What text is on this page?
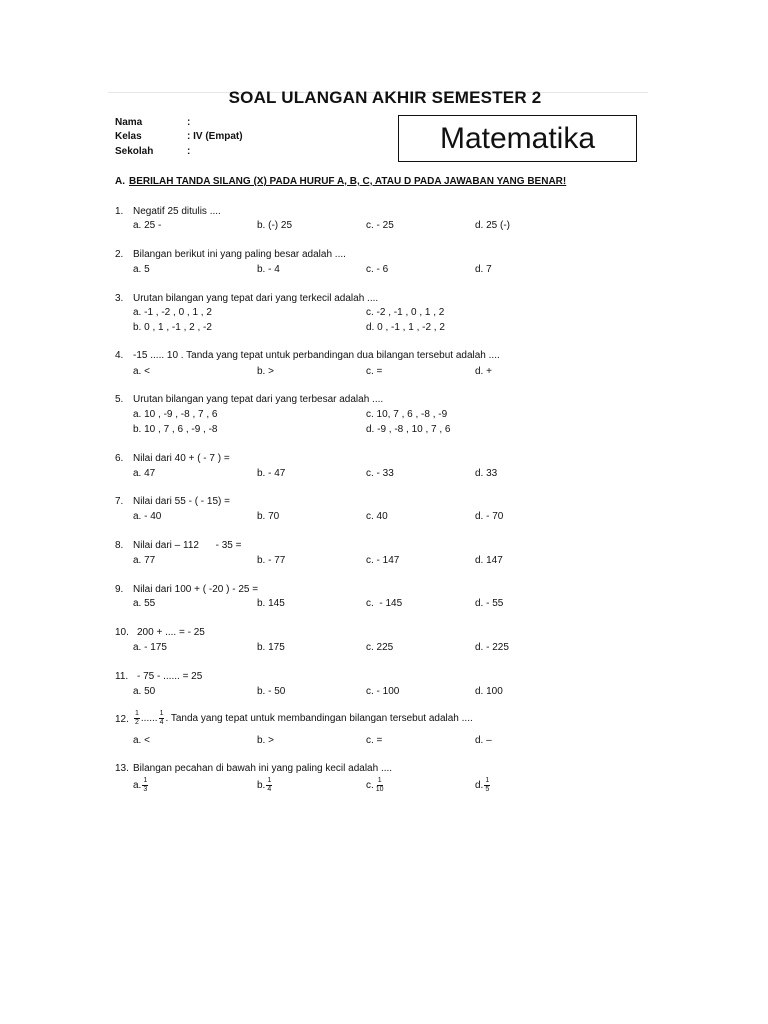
SOAL ULANGAN AKHIR SEMESTER 2
Nama	:
Kelas	: IV (Empat)
Sekolah	:	Matematika
A. BERILAH TANDA SILANG (X) PADA HURUF A, B, C, ATAU D PADA JAWABAN YANG BENAR!
1. Negatif 25 ditulis ....
a. 25 -	b. (-) 25	c. - 25	d. 25 (-)
2. Bilangan berikut ini yang paling besar adalah ....
a. 5	b. - 4	c. - 6	d. 7
3. Urutan bilangan yang tepat dari yang terkecil adalah ....
a. -1 , -2 , 0 , 1 , 2	c. -2 , -1 , 0 , 1 , 2
b. 0 , 1 , -1 , 2 , -2	d. 0 , -1 , 1 , -2 , 2
4. -15 ..... 10 . Tanda yang tepat untuk perbandingan dua bilangan tersebut adalah ....
a. <	b. >	c. =	d. +
5. Urutan bilangan yang tepat dari yang terbesar adalah ....
a. 10 , -9 , -8 , 7 , 6	c. 10, 7 , 6 , -8 , -9
b. 10 , 7 , 6 , -9 , -8	d. -9 , -8 , 10 , 7 , 6
6. Nilai dari 40 + ( - 7 ) =
a. 47	b. - 47	c. - 33	d. 33
7. Nilai dari 55 - ( - 15) =
a. - 40	b. 70	c. 40	d. - 70
8. Nilai dari – 112      - 35 =
a. 77	b. - 77	c. - 147	d. 147
9. Nilai dari 100 + ( -20 ) - 25 =
a. 55	b. 145	c.  - 145	d. - 55
10. 200 + .... = - 25
a. - 175	b. 175	c. 225	d. - 225
11. - 75 - ...... = 25
a. 50	b. - 50	c. - 100	d. 100
12. $\frac{1}{2}$ ...... $\frac{1}{4}$ . Tanda yang tepat untuk membandingan bilangan tersebut adalah ....
a. <	b. >	c. =	d. –
13. Bilangan pecahan di bawah ini yang paling kecil adalah ....
a. $\frac{1}{3}$	b. $\frac{1}{4}$	c. $\frac{1}{10}$	d. $\frac{1}{5}$
